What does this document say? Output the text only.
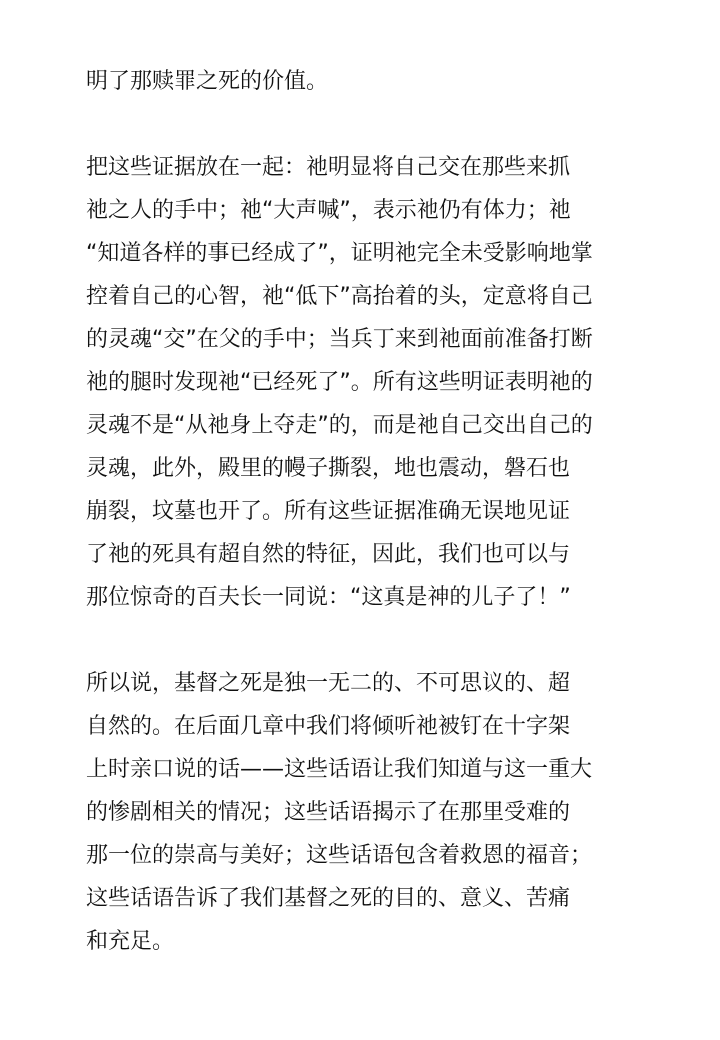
明了那赎罪之死的价值。
把这些证据放在一起：祂明显将自己交在那些来抓
祂之人的手中；祂“大声喊”，表示祂仍有体力；祂
“知道各样的事已经成了”，证明祂完全未受影响地掌
控着自己的心智，祂“低下”高抬着的头，定意将自己
的灵魂“交”在父的手中；当兵丁来到祂面前准备打断
祂的腿时发现祂“已经死了”。所有这些明证表明祂的
灵魂不是“从祂身上夺走”的，而是祂自己交出自己的
灵魂，此外，殿里的幔子撕裂，地也震动，磐石也
崩裂，坟墓也开了。所有这些证据准确无误地见证
了祂的死具有超自然的特征，因此，我们也可以与
那位惊奇的百夫长一同说：“这真是神的儿子了！”
所以说，基督之死是独一无二的、不可思议的、超
自然的。在后面几章中我们将倾听祂被钉在十字架
上时亲口说的话——这些话语让我们知道与这一重大
的惨剧相关的情况；这些话语揭示了在那里受难的
那一位的崇高与美好；这些话语包含着救恩的福音；
这些话语告诉了我们基督之死的目的、意义、苦痛
和充足。
